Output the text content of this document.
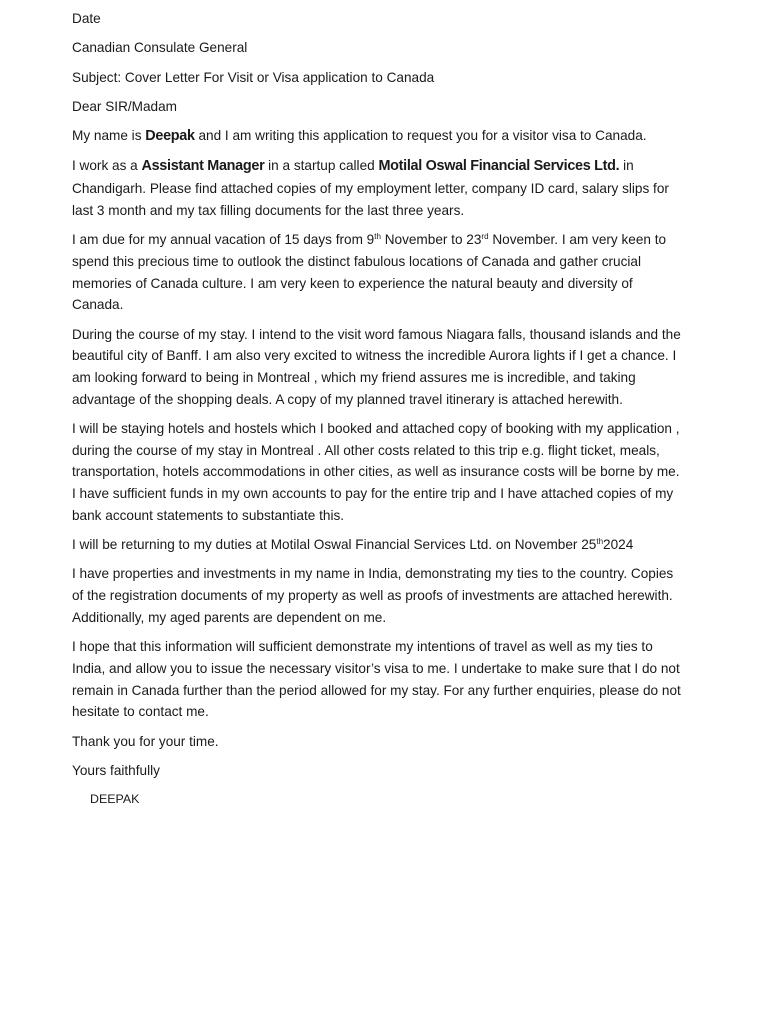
Date

Canadian Consulate General

Subject: Cover Letter For Visit or Visa application to Canada

Dear SIR/Madam

My name is Deepak and I am writing this application to request you for a visitor visa to Canada.

I work as a Assistant Manager in a startup called Motilal Oswal Financial Services Ltd. in Chandigarh. Please find attached copies of my employment letter, company ID card, salary slips for last 3 month and my tax filling documents for the last three years.

I am due for my annual vacation of 15 days from 9th November to 23rd November. I am very keen to spend this precious time to outlook the distinct fabulous locations of Canada and gather crucial memories of Canada culture. I am very keen to experience the natural beauty and diversity of Canada.

During the course of my stay. I intend to the visit word famous Niagara falls, thousand islands and the beautiful city of Banff. I am also very excited to witness the incredible Aurora lights if I get a chance. I am looking forward to being in Montreal , which my friend assures me is incredible, and taking advantage of the shopping deals. A copy of my planned travel itinerary is attached herewith.

I will be staying hotels and hostels which I booked and attached copy of booking with my application , during the course of my stay in Montreal . All other costs related to this trip e.g. flight ticket, meals, transportation, hotels accommodations in other cities, as well as insurance costs will be borne by me. I have sufficient funds in my own accounts to pay for the entire trip and I have attached copies of my bank account statements to substantiate this.

I will be returning to my duties at Motilal Oswal Financial Services Ltd. on November 25th2024

I have properties and investments in my name in India, demonstrating my ties to the country. Copies of the registration documents of my property as well as proofs of investments are attached herewith. Additionally, my aged parents are dependent on me.

I hope that this information will sufficient demonstrate my intentions of travel as well as my ties to India, and allow you to issue the necessary visitor’s visa to me. I undertake to make sure that I do not remain in Canada further than the period allowed for my stay. For any further enquiries, please do not hesitate to contact me.

Thank you for your time.

Yours faithfully

DEEPAK
